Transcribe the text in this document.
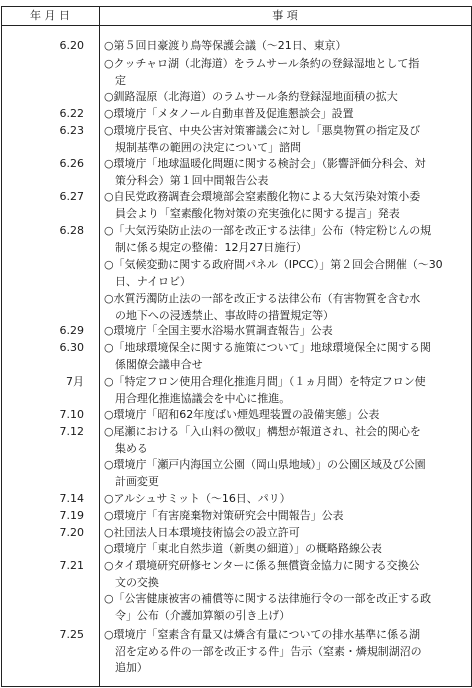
年 月 日	事 項
6.20 ○第５回日豪渡り鳥等保護会議（～21日、東京）
○クッチャロ湖（北海道）をラムサール条約の登録湿地として指
定
○釧路湿原（北海道）のラムサール条約登録湿地面積の拡大
6.22 ○環境庁「メタノール自動車普及促進懇談会」設置
6.23 ○環境庁長官、中央公害対策審議会に対し「悪臭物質の指定及び
規制基準の範囲の決定について」諮問
6.26 ○環境庁「地球温暖化問題に関する検討会」（影響評価分科会、対
策分科会）第１回中間報告公表
6.27 ○自民党政務調査会環境部会窒素酸化物による大気汚染対策小委
員会より「窒素酸化物対策の充実強化に関する提言」発表
6.28 ○「大気汚染防止法の一部を改正する法律」公布（特定粉じんの規
制に係る規定の整備：12月27日施行）
○「気候変動に関する政府間パネル（IPCC）」第２回会合開催（～30
日、ナイロビ）
○水質汚濁防止法の一部を改正する法律公布（有害物質を含む水
の地下への浸透禁止、事故時の措置規定等）
6.29 ○環境庁「全国主要水浴場水質調査報告」公表
6.30 ○「地球環境保全に関する施策について」地球環境保全に関する関
係閣僚会議申合せ
7月 ○「特定フロン使用合理化推進月間」（１ヵ月間）を特定フロン使
用合理化推進協議会を中心に推進。
7.10 ○環境庁「昭和62年度ばい煙処理装置の設備実態」公表
7.12 ○尾瀬における「入山料の徴収」構想が報道され、社会的関心を
集める
○環境庁「瀬戸内海国立公園（岡山県地域）」の公園区域及び公園
計画変更
7.14 ○アルシュサミット（～16日、パリ）
7.19 ○環境庁「有害廃棄物対策研究会中間報告」公表
7.20 ○社団法人日本環境技術協会の設立許可
○環境庁「東北自然歩道（新奥の細道）」の概略路線公表
7.21 ○タイ環境研究研修センターに係る無償資金協力に関する交換公
文の交換
○「公害健康被害の補償等に関する法律施行令の一部を改正する政
令」公布（介護加算額の引き上げ）
7.25 ○環境庁「窒素含有量又は燐含有量についての排水基準に係る湖
沼を定める件の一部を改正する件」告示（窒素・燐規制湖沼の
追加）
